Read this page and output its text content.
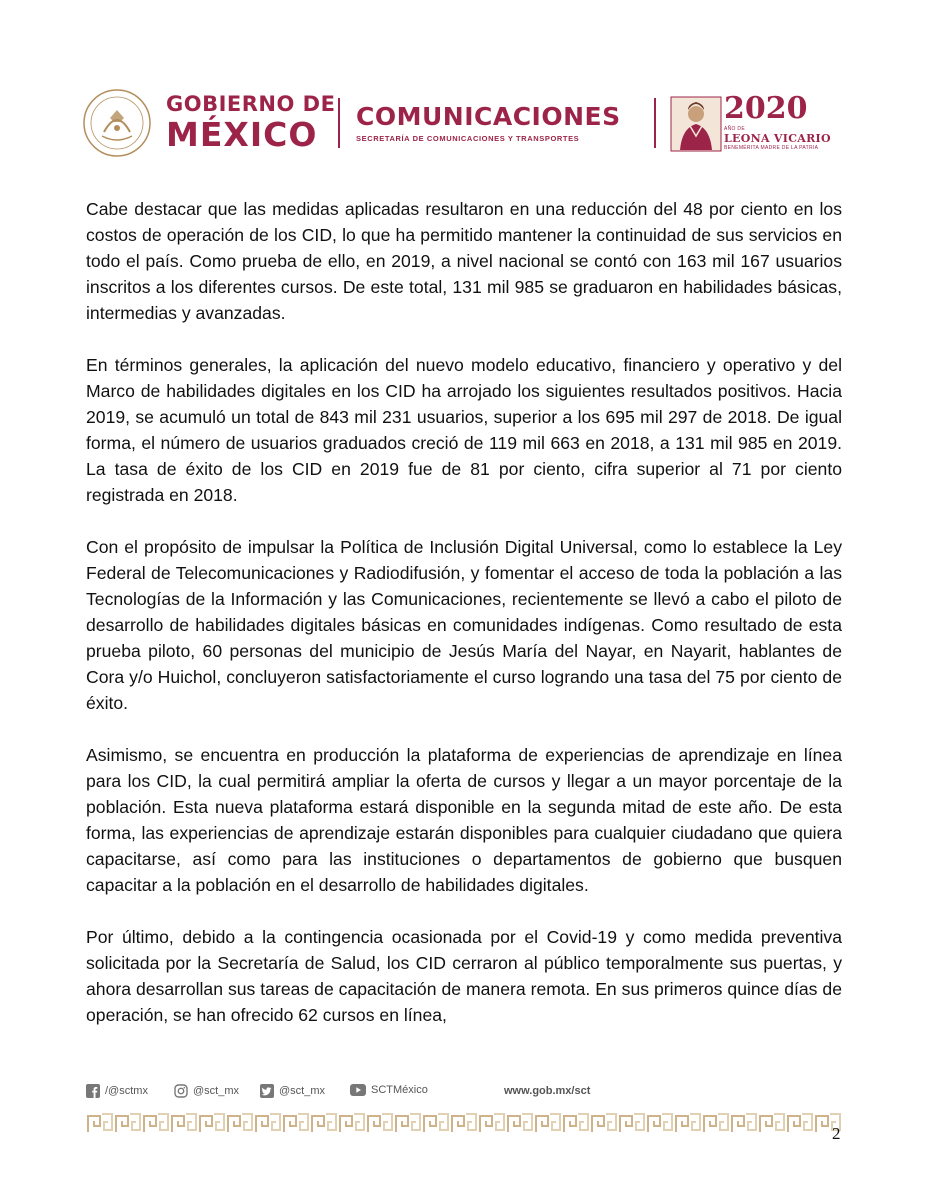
GOBIERNO DE
MÉXICO	COMUNICACIONES
SECRETARÍA DE COMUNICACIONES Y TRANSPORTES
2020
AÑO DE
LEONA VICARIO
BENEMÉRITA MADRE DE LA PATRIA

Cabe destacar que las medidas aplicadas resultaron en una reducción del 48 por ciento en los costos de operación de los CID, lo que ha permitido mantener la continuidad de sus servicios en todo el país. Como prueba de ello, en 2019, a nivel nacional se contó con 163 mil 167 usuarios inscritos a los diferentes cursos. De este total, 131 mil 985 se graduaron en habilidades básicas, intermedias y avanzadas.

En términos generales, la aplicación del nuevo modelo educativo, financiero y operativo y del Marco de habilidades digitales en los CID ha arrojado los siguientes resultados positivos. Hacia 2019, se acumuló un total de 843 mil 231 usuarios, superior a los 695 mil 297 de 2018. De igual forma, el número de usuarios graduados creció de 119 mil 663 en 2018, a 131 mil 985 en 2019. La tasa de éxito de los CID en 2019 fue de 81 por ciento, cifra superior al 71 por ciento registrada en 2018.

Con el propósito de impulsar la Política de Inclusión Digital Universal, como lo establece la Ley Federal de Telecomunicaciones y Radiodifusión, y fomentar el acceso de toda la población a las Tecnologías de la Información y las Comunicaciones, recientemente se llevó a cabo el piloto de desarrollo de habilidades digitales básicas en comunidades indígenas. Como resultado de esta prueba piloto, 60 personas del municipio de Jesús María del Nayar, en Nayarit, hablantes de Cora y/o Huichol, concluyeron satisfactoriamente el curso logrando una tasa del 75 por ciento de éxito.

Asimismo, se encuentra en producción la plataforma de experiencias de aprendizaje en línea para los CID, la cual permitirá ampliar la oferta de cursos y llegar a un mayor porcentaje de la población. Esta nueva plataforma estará disponible en la segunda mitad de este año. De esta forma, las experiencias de aprendizaje estarán disponibles para cualquier ciudadano que quiera capacitarse, así como para las instituciones o departamentos de gobierno que busquen capacitar a la población en el desarrollo de habilidades digitales.

Por último, debido a la contingencia ocasionada por el Covid-19 y como medida preventiva solicitada por la Secretaría de Salud, los CID cerraron al público temporalmente sus puertas, y ahora desarrollan sus tareas de capacitación de manera remota. En sus primeros quince días de operación, se han ofrecido 62 cursos en línea,

/@sctmx	@sct_mx	@sct_mx	SCTMéxico	www.gob.mx/sct
2
